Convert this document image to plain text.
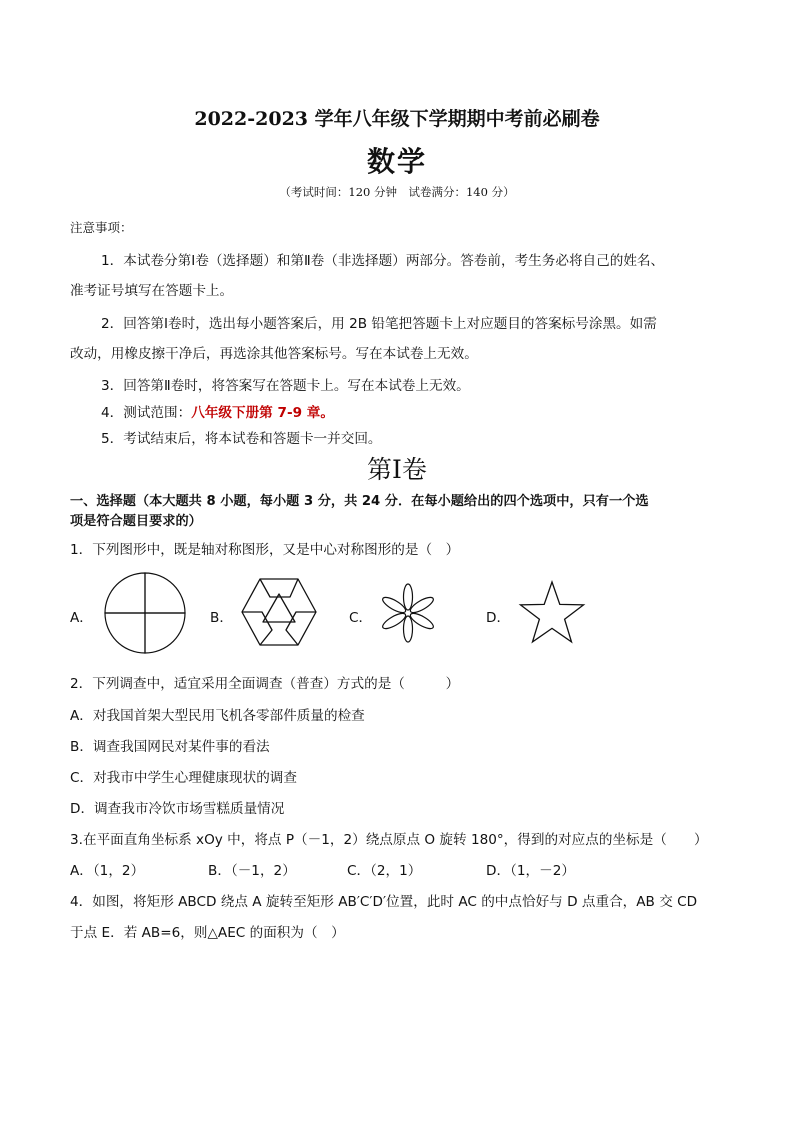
2022-2023 学年八年级下学期期中考前必刷卷
数学
（考试时间：120 分钟　试卷满分：140 分）
注意事项：
1．本试卷分第Ⅰ卷（选择题）和第Ⅱ卷（非选择题）两部分。答卷前，考生务必将自己的姓名、
准考证号填写在答题卡上。
2．回答第Ⅰ卷时，选出每小题答案后，用 2B 铅笔把答题卡上对应题目的答案标号涂黑。如需
改动，用橡皮擦干净后，再选涂其他答案标号。写在本试卷上无效。
3．回答第Ⅱ卷时，将答案写在答题卡上。写在本试卷上无效。
4．测试范围：八年级下册第 7-9 章。
5．考试结束后，将本试卷和答题卡一并交回。
第Ⅰ卷
一、选择题（本大题共 8 小题，每小题 3 分，共 24 分．在每小题给出的四个选项中，只有一个选
项是符合题目要求的）
1．下列图形中，既是轴对称图形，又是中心对称图形的是（　）
A．	B．	C．	D．
2．下列调查中，适宜采用全面调查（普查）方式的是（　　　）
A．对我国首架大型民用飞机各零部件质量的检查
B．调查我国网民对某件事的看法
C．对我市中学生心理健康现状的调查
D．调查我市冷饮市场雪糕质量情况
3.在平面直角坐标系 xOy 中，将点 P（－1，2）绕点原点 O 旋转 180°，得到的对应点的坐标是（　　）
A．（1，2）	B．（－1，2）	C．（2，1）	D．（1，－2）
4．如图，将矩形 ABCD 绕点 A 旋转至矩形 AB′C′D′位置，此时 AC 的中点恰好与 D 点重合，AB 交 CD
于点 E．若 AB=6，则△AEC 的面积为（　）
